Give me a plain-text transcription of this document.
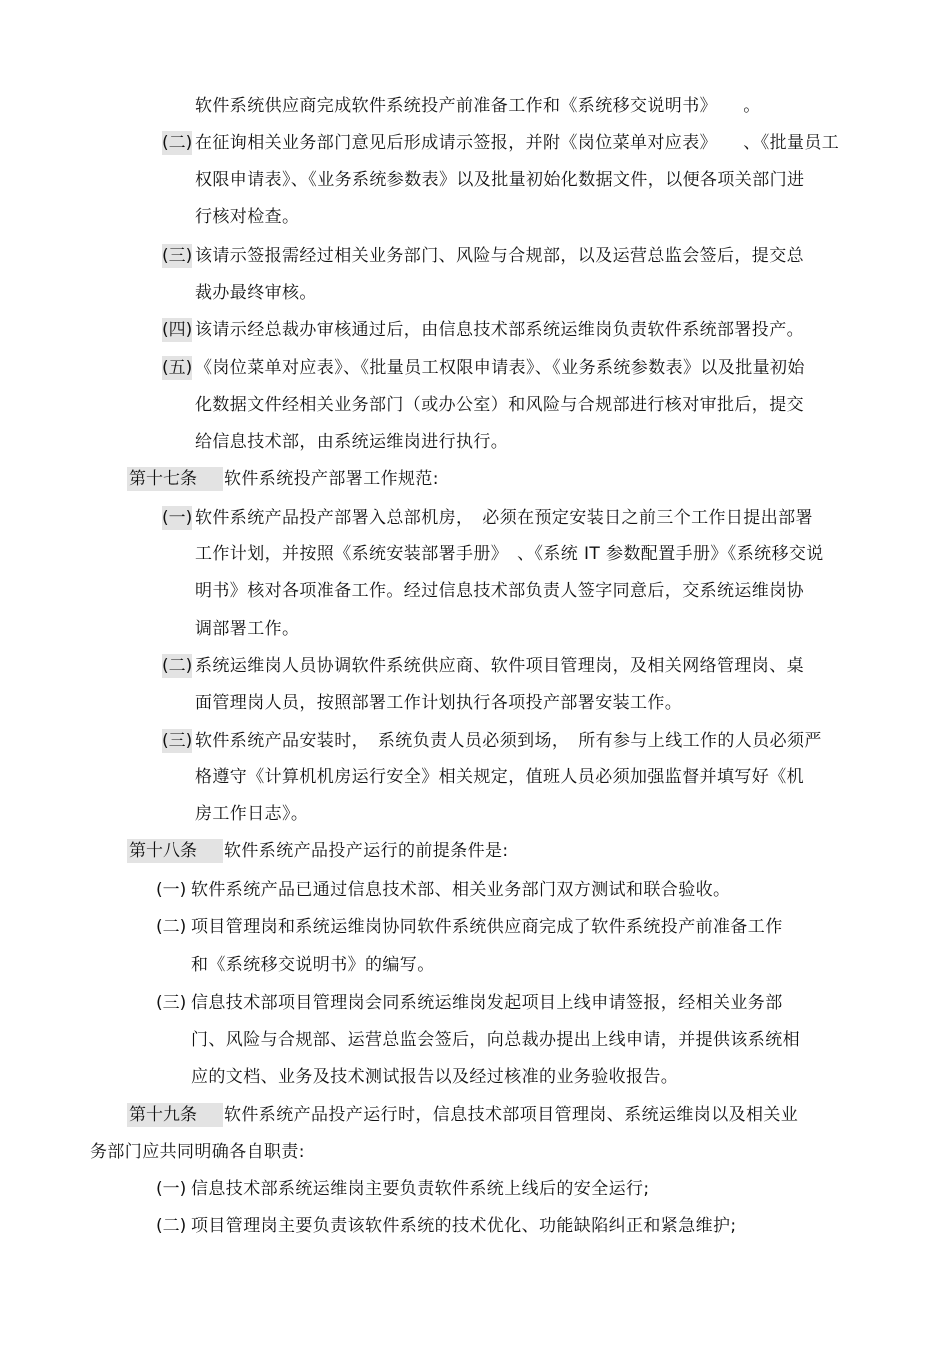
软件系统供应商完成软件系统投产前准备工作和《系统移交说明书》　　。
(二) 在征询相关业务部门意见后形成请示签报，并附《岗位菜单对应表》　　、《批量员工
权限申请表》、《业务系统参数表》以及批量初始化数据文件，以便各项关部门进
行核对检查。
(三) 该请示签报需经过相关业务部门、风险与合规部，以及运营总监会签后，提交总
裁办最终审核。
(四) 该请示经总裁办审核通过后，由信息技术部系统运维岗负责软件系统部署投产。
(五) 《岗位菜单对应表》、《批量员工权限申请表》、《业务系统参数表》以及批量初始
化数据文件经相关业务部门（或办公室）和风险与合规部进行核对审批后，提交
给信息技术部，由系统运维岗进行执行。
第十七条	软件系统投产部署工作规范:
(一) 软件系统产品投产部署入总部机房，　必须在预定安装日之前三个工作日提出部署
工作计划，并按照《系统安装部署手册》　、《系统 IT 参数配置手册》《系统移交说
明书》核对各项准备工作。经过信息技术部负责人签字同意后，交系统运维岗协
调部署工作。
(二) 系统运维岗人员协调软件系统供应商、软件项目管理岗，及相关网络管理岗、桌
面管理岗人员，按照部署工作计划执行各项投产部署安装工作。
(三) 软件系统产品安装时，　系统负责人员必须到场，　所有参与上线工作的人员必须严
格遵守《计算机机房运行安全》相关规定，值班人员必须加强监督并填写好《机
房工作日志》。
第十八条	软件系统产品投产运行的前提条件是:
(一) 软件系统产品已通过信息技术部、相关业务部门双方测试和联合验收。
(二) 项目管理岗和系统运维岗协同软件系统供应商完成了软件系统投产前准备工作
和《系统移交说明书》的编写。
(三) 信息技术部项目管理岗会同系统运维岗发起项目上线申请签报，经相关业务部
门、风险与合规部、运营总监会签后，向总裁办提出上线申请，并提供该系统相
应的文档、业务及技术测试报告以及经过核准的业务验收报告。
第十九条	软件系统产品投产运行时，信息技术部项目管理岗、系统运维岗以及相关业
务部门应共同明确各自职责:
(一) 信息技术部系统运维岗主要负责软件系统上线后的安全运行;
(二) 项目管理岗主要负责该软件系统的技术优化、功能缺陷纠正和紧急维护;
